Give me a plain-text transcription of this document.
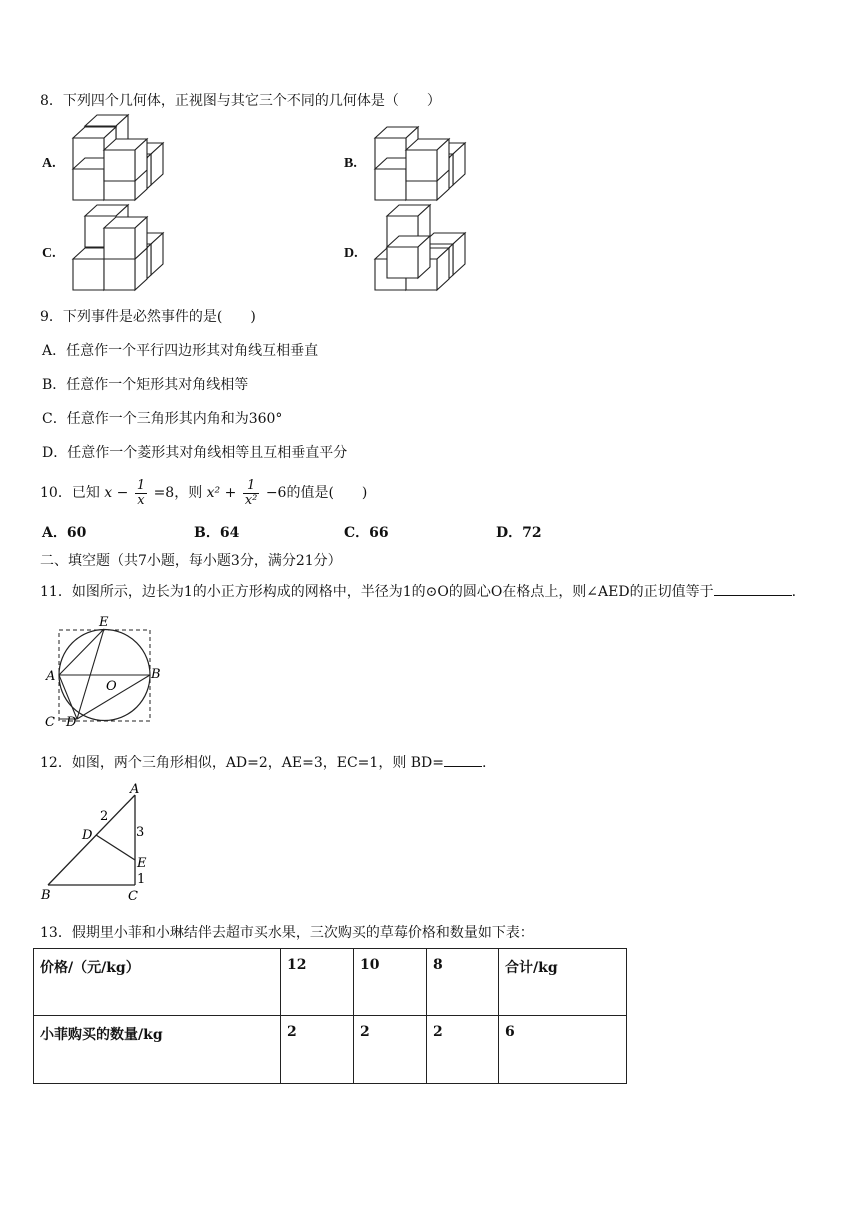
8．下列四个几何体，正视图与其它三个不同的几何体是（　　）
A.	B.
C.	D.
9．下列事件是必然事件的是(　　)
A．任意作一个平行四边形其对角线互相垂直
B．任意作一个矩形其对角线相等
C．任意作一个三角形其内角和为360°
D．任意作一个菱形其对角线相等且互相垂直平分
10．已知 $x - \frac{1}{x} =8$，则 $x^2 + \frac{1}{\text{x²}} -6$的值是(　　)
A．60	B．64	C．66	D．72
二、填空题（共7小题，每小题3分，满分21分）
11．如图所示，边长为1的小正方形构成的网格中，半径为1的⊙O的圆心O在格点上，则∠AED的正切值等于	.
E
A	B
O
C D
12．如图，两个三角形相似，AD=2，AE=3，EC=1，则 BD=	.
A
D
E
B	C
2
3
1
13．假期里小菲和小琳结伴去超市买水果，三次购买的草莓价格和数量如下表：
价格/（元/kg）	12	10	8	合计/kg
小菲购买的数量/kg	2	2	2	6
